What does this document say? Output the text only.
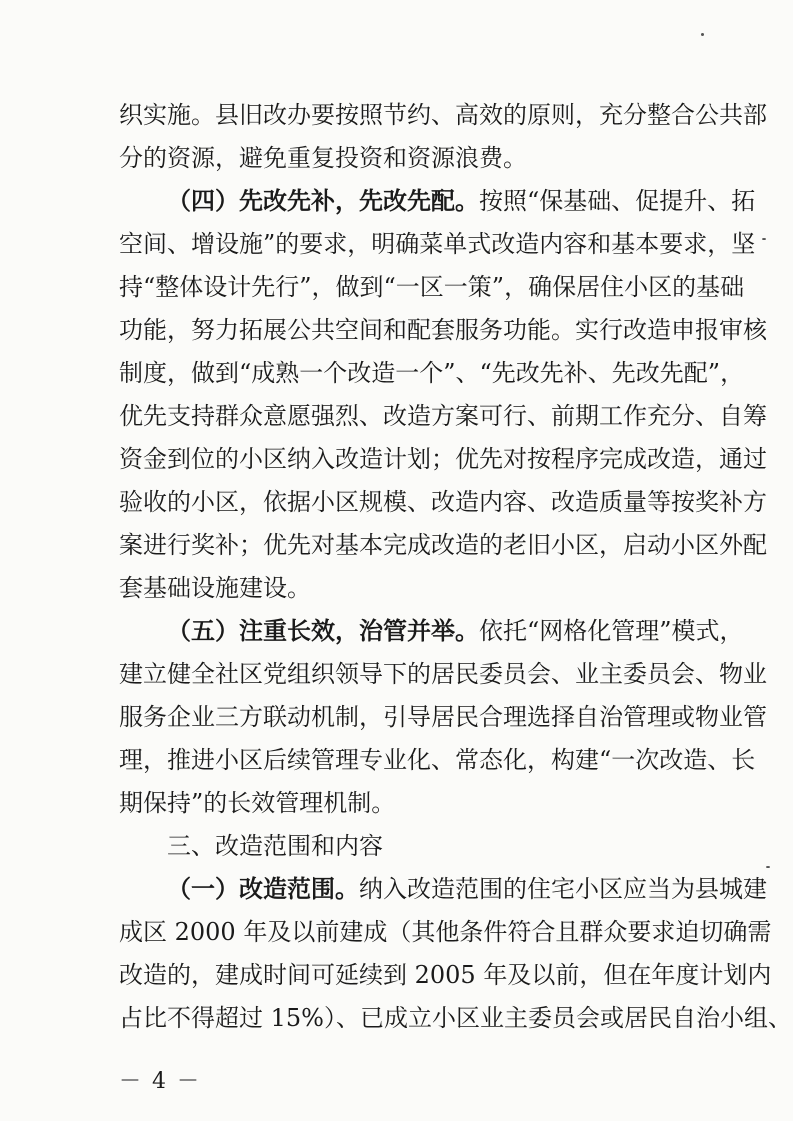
织实施。县旧改办要按照节约、高效的原则，充分整合公共部
分的资源，避免重复投资和资源浪费。
（四）先改先补，先改先配。按照“保基础、促提升、拓
空间、增设施”的要求，明确菜单式改造内容和基本要求，坚
持“整体设计先行”，做到“一区一策”，确保居住小区的基础
功能，努力拓展公共空间和配套服务功能。实行改造申报审核
制度，做到“成熟一个改造一个”、“先改先补、先改先配”，
优先支持群众意愿强烈、改造方案可行、前期工作充分、自筹
资金到位的小区纳入改造计划；优先对按程序完成改造，通过
验收的小区，依据小区规模、改造内容、改造质量等按奖补方
案进行奖补；优先对基本完成改造的老旧小区，启动小区外配
套基础设施建设。
（五）注重长效，治管并举。依托“网格化管理”模式，
建立健全社区党组织领导下的居民委员会、业主委员会、物业
服务企业三方联动机制，引导居民合理选择自治管理或物业管
理，推进小区后续管理专业化、常态化，构建“一次改造、长
期保持”的长效管理机制。
三、改造范围和内容
（一）改造范围。纳入改造范围的住宅小区应当为县城建
成区 2000 年及以前建成（其他条件符合且群众要求迫切确需
改造的，建成时间可延续到 2005 年及以前，但在年度计划内
占比不得超过 15%）、已成立小区业主委员会或居民自治小组、
－ 4 －
